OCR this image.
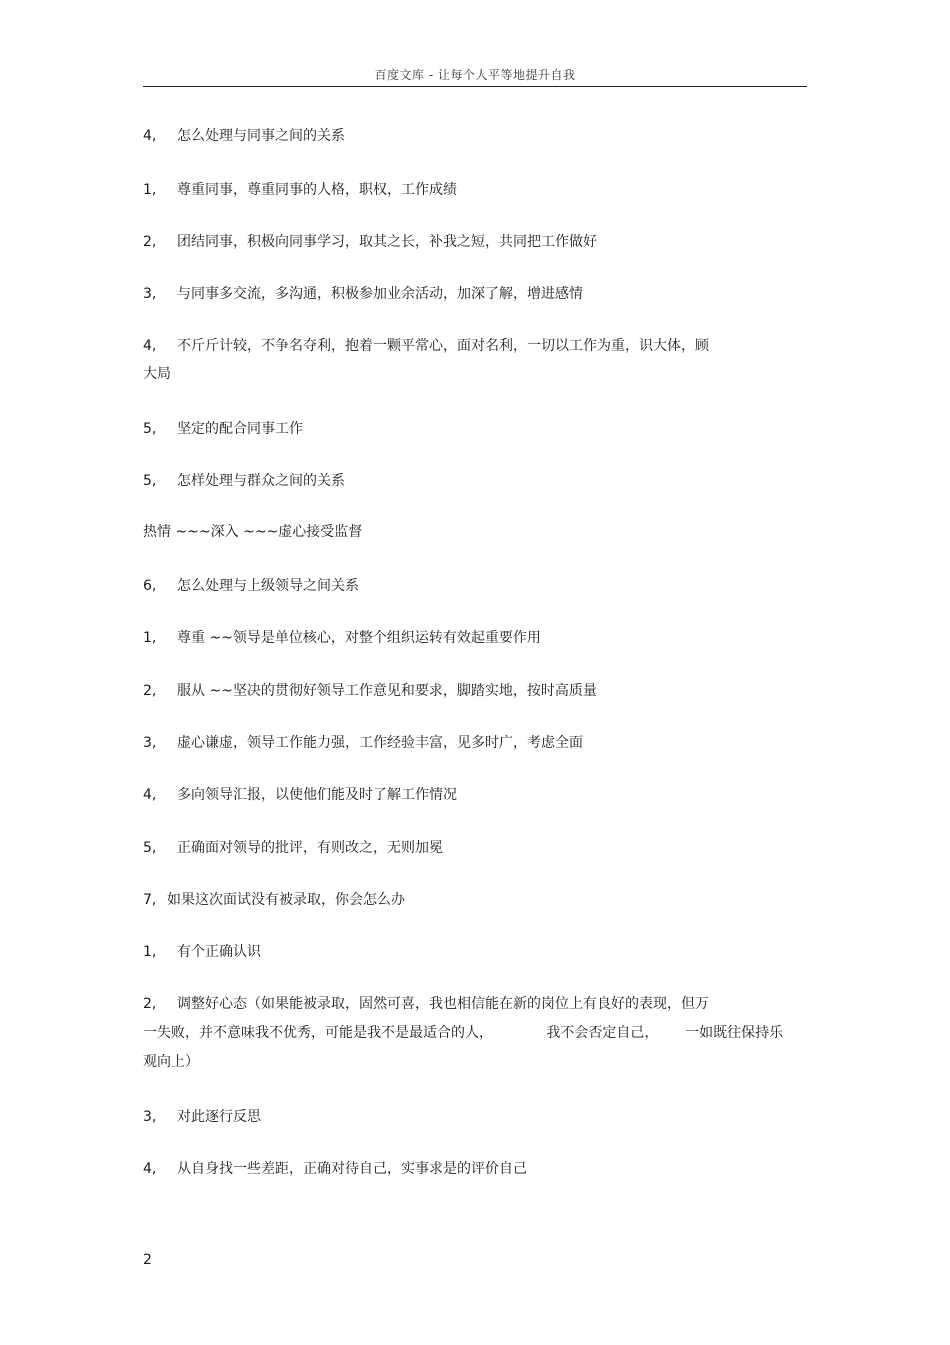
百度文库 - 让每个人平等地提升自我
4, 怎么处理与同事之间的关系
1, 尊重同事，尊重同事的人格，职权，工作成绩
2, 团结同事，积极向同事学习，取其之长，补我之短，共同把工作做好
3, 与同事多交流，多沟通，积极参加业余活动，加深了解，增进感情
4, 不斤斤计较，不争名夺利，抱着一颗平常心，面对名利，一切以工作为重，识大体，顾
大局
5, 坚定的配合同事工作
5, 怎样处理与群众之间的关系
热情 ~~~深入 ~~~虚心接受监督
6, 怎么处理与上级领导之间关系
1, 尊重 ~~领导是单位核心，对整个组织运转有效起重要作用
2, 服从 ~~坚决的贯彻好领导工作意见和要求，脚踏实地，按时高质量
3, 虚心谦虚，领导工作能力强，工作经验丰富，见多时广，考虑全面
4, 多向领导汇报，以使他们能及时了解工作情况
5, 正确面对领导的批评，有则改之，无则加冕
7, 如果这次面试没有被录取，你会怎么办
1, 有个正确认识
2, 调整好心态（如果能被录取，固然可喜，我也相信能在新的岗位上有良好的表现，但万
一失败，并不意味我不优秀，可能是我不是最适合的人，            我不会否定自己，      一如既往保持乐
观向上）
3, 对此逐行反思
4, 从自身找一些差距，正确对待自己，实事求是的评价自己
2
